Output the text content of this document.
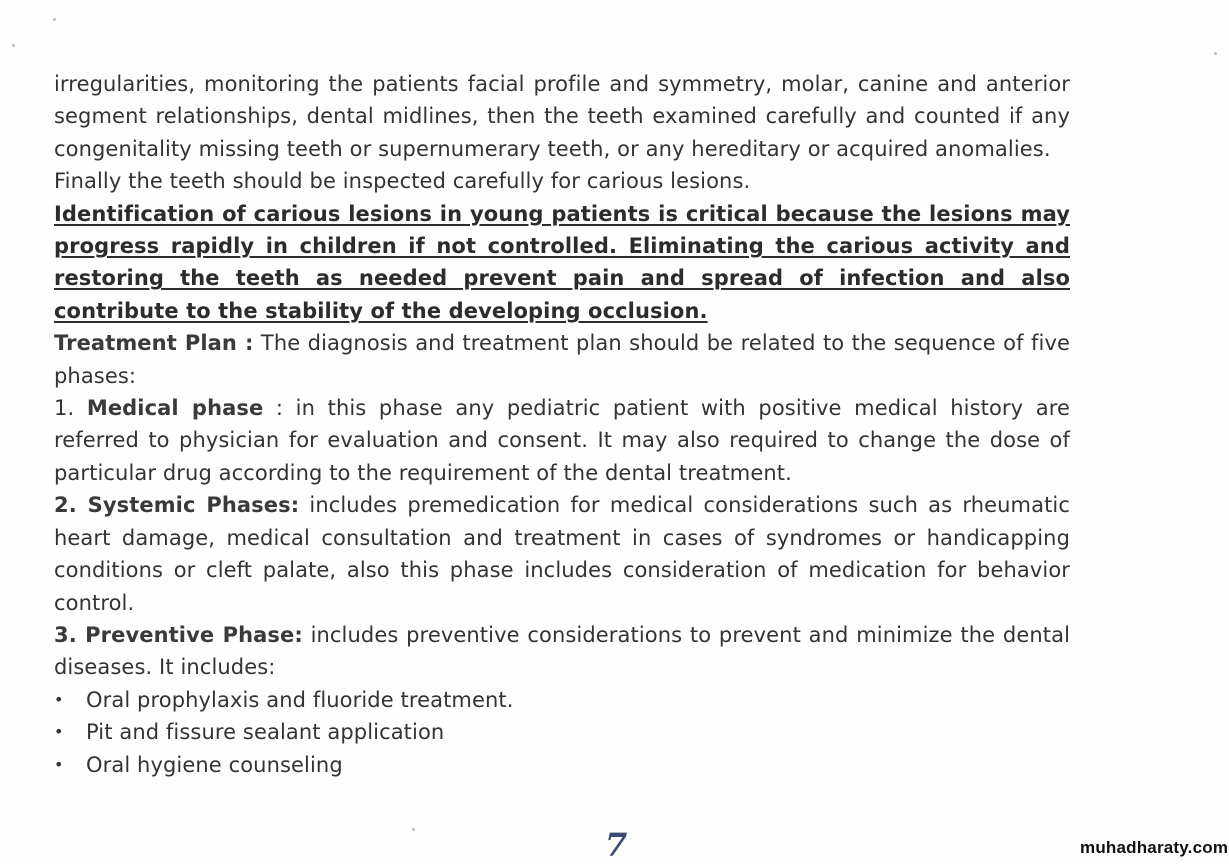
irregularities, monitoring the patients facial profile and symmetry, molar, canine and anterior segment relationships, dental midlines, then the teeth examined carefully and counted if any congenitality missing teeth or supernumerary teeth, or any hereditary or acquired anomalies.

Finally the teeth should be inspected carefully for carious lesions.

Identification of carious lesions in young patients is critical because the lesions may progress rapidly in children if not controlled. Eliminating the carious activity and restoring the teeth as needed prevent pain and spread of infection and also contribute to the stability of the developing occlusion.

Treatment Plan : The diagnosis and treatment plan should be related to the sequence of five phases:

1. Medical phase : in this phase any pediatric patient with positive medical history are referred to physician for evaluation and consent. It may also required to change the dose of particular drug according to the requirement of the dental treatment.

2. Systemic Phases: includes premedication for medical considerations such as rheumatic heart damage, medical consultation and treatment in cases of syndromes or handicapping conditions or cleft palate, also this phase includes consideration of medication for behavior control.

3. Preventive Phase: includes preventive considerations to prevent and minimize the dental diseases. It includes:

• Oral prophylaxis and fluoride treatment.
• Pit and fissure sealant application
• Oral hygiene counseling
7	muhadharaty.com
